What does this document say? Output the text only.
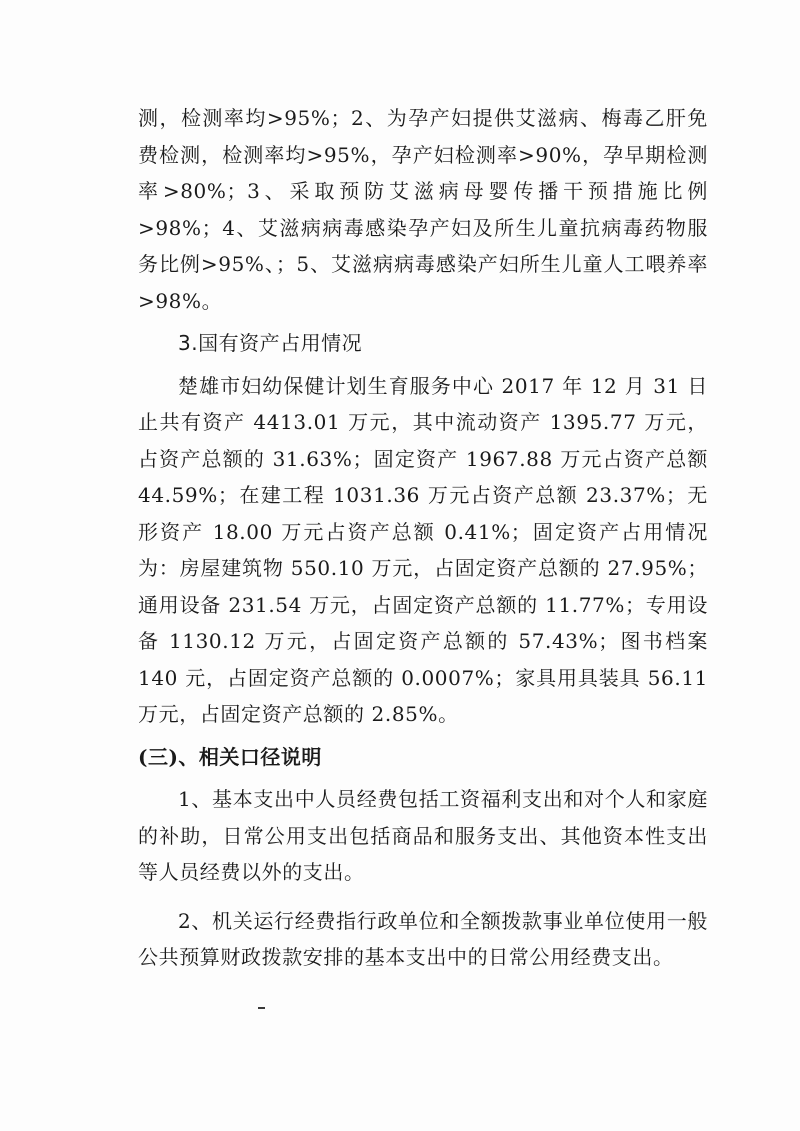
测，检测率均>95%；2、为孕产妇提供艾滋病、梅毒乙肝免费检测，检测率均>95%，孕产妇检测率>90%，孕早期检测率>80%；3、采取预防艾滋病母婴传播干预措施比例>98%；4、艾滋病病毒感染孕产妇及所生儿童抗病毒药物服务比例>95%、；5、艾滋病病毒感染产妇所生儿童人工喂养率>98%。

3.国有资产占用情况

楚雄市妇幼保健计划生育服务中心 2017 年 12 月 31 日止共有资产 4413.01 万元，其中流动资产 1395.77 万元，占资产总额的 31.63%；固定资产 1967.88 万元占资产总额 44.59%；在建工程 1031.36 万元占资产总额 23.37%；无形资产 18.00 万元占资产总额 0.41%；固定资产占用情况为：房屋建筑物 550.10 万元，占固定资产总额的 27.95%；通用设备 231.54 万元，占固定资产总额的 11.77%；专用设备 1130.12 万元，占固定资产总额的 57.43%；图书档案 140 元，占固定资产总额的 0.0007%；家具用具装具 56.11 万元，占固定资产总额的 2.85%。

(三)、相关口径说明

1、基本支出中人员经费包括工资福利支出和对个人和家庭的补助，日常公用支出包括商品和服务支出、其他资本性支出等人员经费以外的支出。

2、机关运行经费指行政单位和全额拨款事业单位使用一般公共预算财政拨款安排的基本支出中的日常公用经费支出。
